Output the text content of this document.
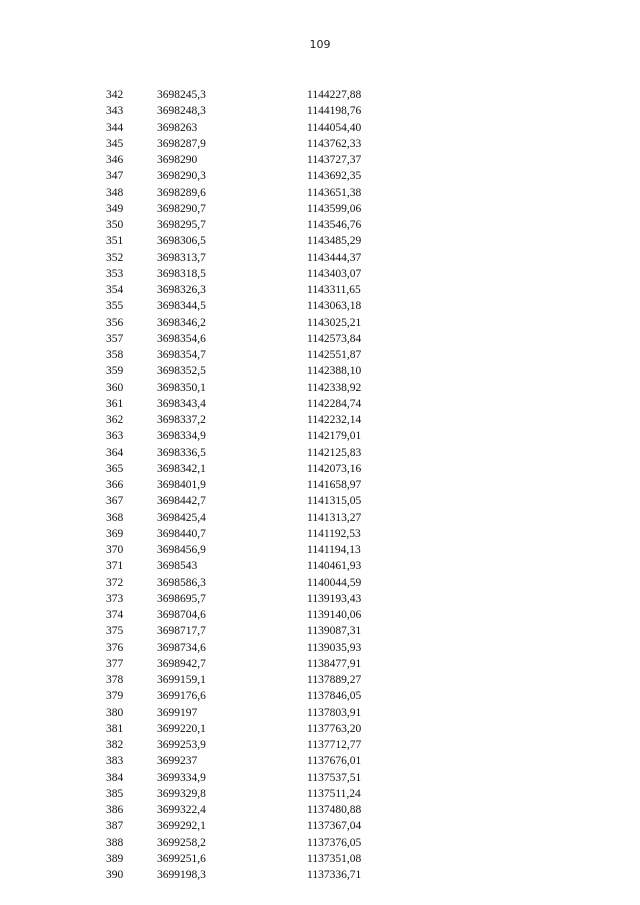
109
342	3698245,3	1144227,88
343	3698248,3	1144198,76
344	3698263	1144054,40
345	3698287,9	1143762,33
346	3698290	1143727,37
347	3698290,3	1143692,35
348	3698289,6	1143651,38
349	3698290,7	1143599,06
350	3698295,7	1143546,76
351	3698306,5	1143485,29
352	3698313,7	1143444,37
353	3698318,5	1143403,07
354	3698326,3	1143311,65
355	3698344,5	1143063,18
356	3698346,2	1143025,21
357	3698354,6	1142573,84
358	3698354,7	1142551,87
359	3698352,5	1142388,10
360	3698350,1	1142338,92
361	3698343,4	1142284,74
362	3698337,2	1142232,14
363	3698334,9	1142179,01
364	3698336,5	1142125,83
365	3698342,1	1142073,16
366	3698401,9	1141658,97
367	3698442,7	1141315,05
368	3698425,4	1141313,27
369	3698440,7	1141192,53
370	3698456,9	1141194,13
371	3698543	1140461,93
372	3698586,3	1140044,59
373	3698695,7	1139193,43
374	3698704,6	1139140,06
375	3698717,7	1139087,31
376	3698734,6	1139035,93
377	3698942,7	1138477,91
378	3699159,1	1137889,27
379	3699176,6	1137846,05
380	3699197	1137803,91
381	3699220,1	1137763,20
382	3699253,9	1137712,77
383	3699237	1137676,01
384	3699334,9	1137537,51
385	3699329,8	1137511,24
386	3699322,4	1137480,88
387	3699292,1	1137367,04
388	3699258,2	1137376,05
389	3699251,6	1137351,08
390	3699198,3	1137336,71
